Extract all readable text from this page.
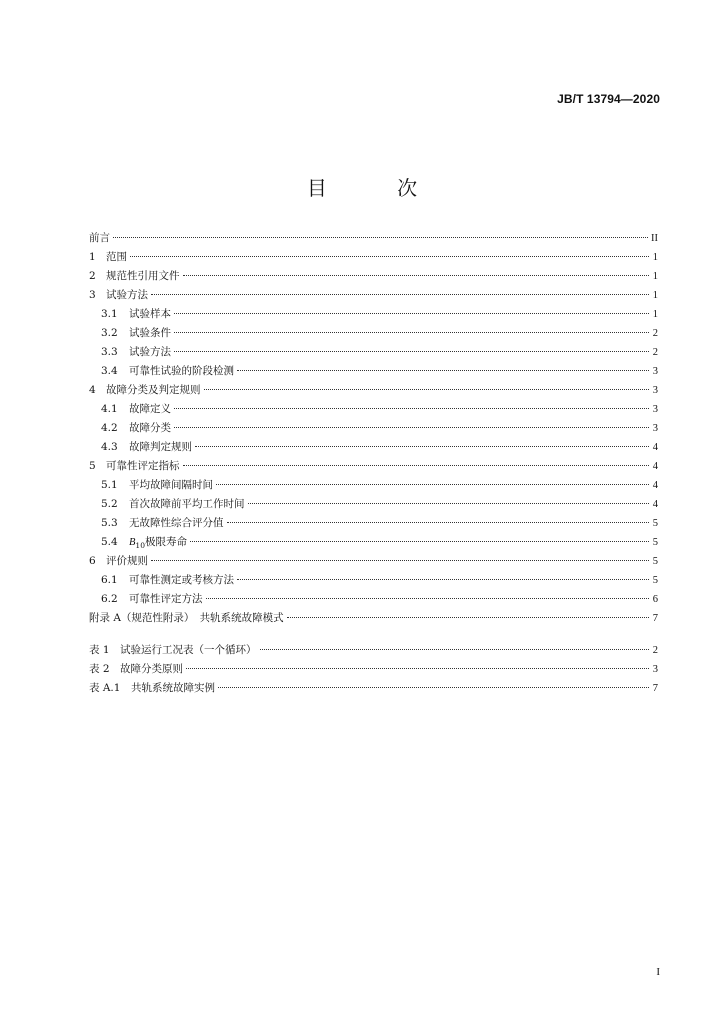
JB/T 13794—2020
目 次
前言	II
1 范围	1
2 规范性引用文件	1
3 试验方法	1
3.1	试验样本	1
3.2	试验条件	2
3.3	试验方法	2
3.4	可靠性试验的阶段检测	3
4 故障分类及判定规则	3
4.1	故障定义	3
4.2	故障分类	3
4.3	故障判定规则	4
5 可靠性评定指标	4
5.1	平均故障间隔时间	4
5.2	首次故障前平均工作时间	4
5.3	无故障性综合评分值	5
5.4	$B_{10}$极限寿命	5
6 评价规则	5
6.1	可靠性测定或考核方法	5
6.2	可靠性评定方法	6
附录 A（规范性附录）　共轨系统故障模式	7
表 1　试验运行工况表（一个循环）	2
表 2　故障分类原则	3
表 A.1　共轨系统故障实例	7
I
